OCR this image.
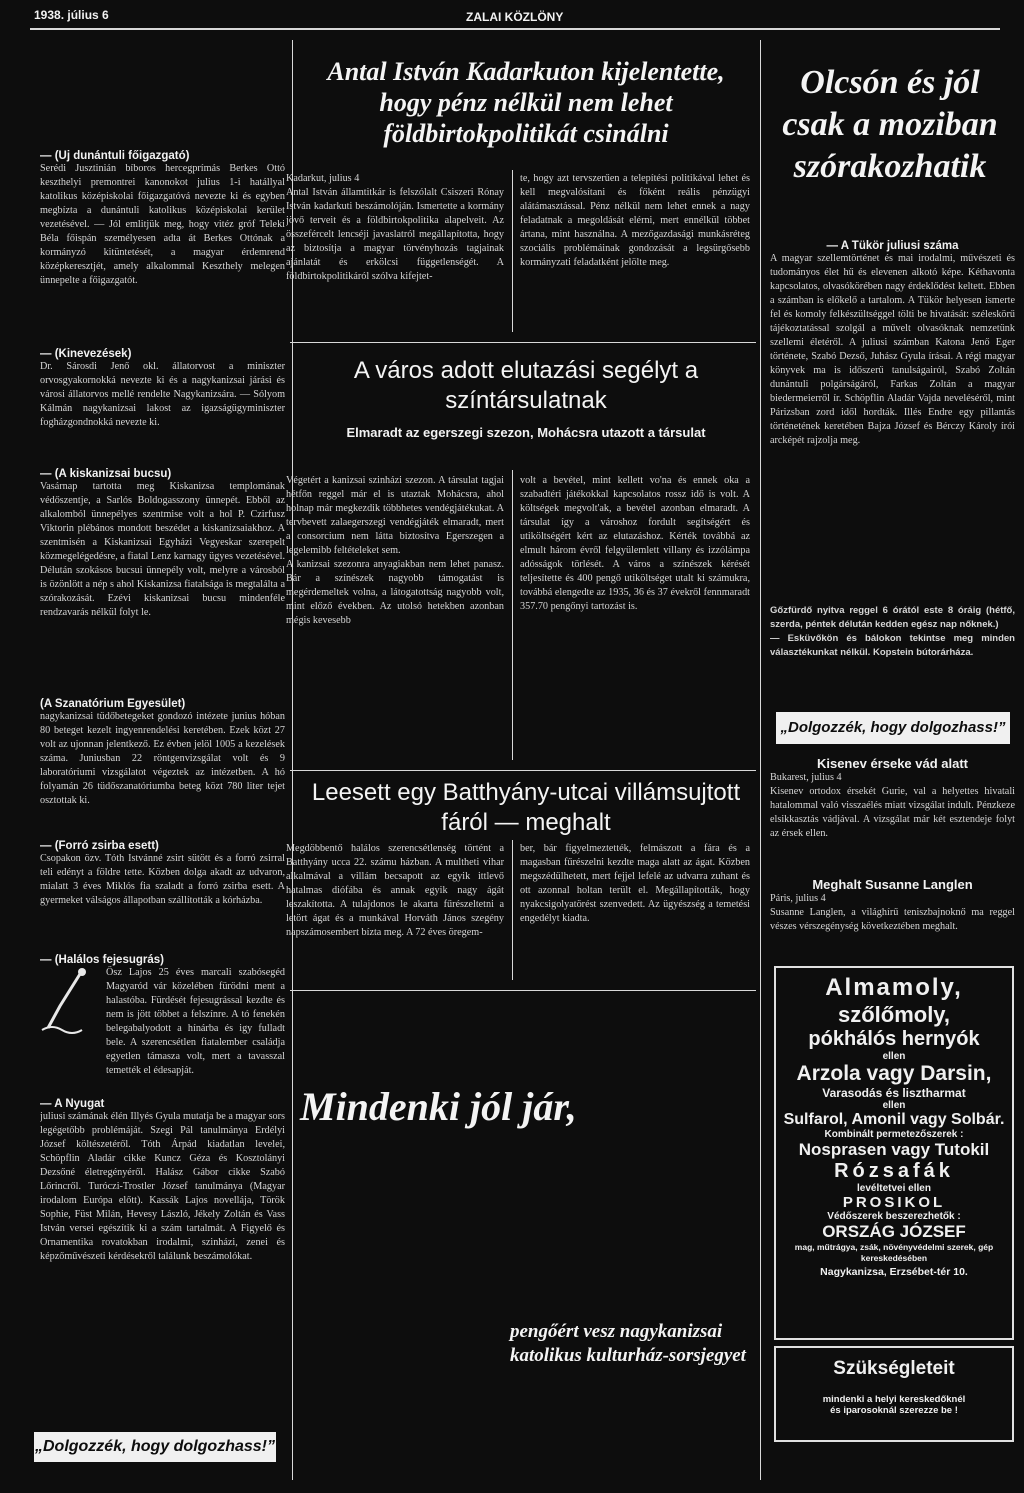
1938. július 6	ZALAI KÖZLÖNY
— (Uj dunántuli főigazgató)
Serédi Jusztinián bíboros hercegprímás Berkes Ottó keszthelyi premontrei kanonokot julius 1-i hatállyal katolikus középiskolai főigazgatóvá nevezte ki és egyben megbízta a dunántuli katolikus középiskolai kerület vezetésével. — Jól emlitjük meg, hogy vitéz gróf Teleki Béla főispán személyesen adta át Berkes Ottónak a kormányzó kitüntetését, a magyar érdemrend középkeresztjét, amely alkalommal Keszthely melegen ünnepelte a főigazgatót.
— (Kinevezések)
Dr. Sárosdi Jenő okl. állatorvost a miniszter orvosgyakornokká nevezte ki és a nagykanizsai járási és városi állatorvos mellé rendelte Nagykanizsára. — Sólyom Kálmán nagykanizsai lakost az igazságügyminiszter fogházgondnokká nevezte ki.
— (A kiskanizsai bucsu)
Vasárnap tartotta meg Kiskanizsa templomának védőszentje, a Sarlós Boldogasszony ünnepét. Ebből az alkalomból ünnepélyes szentmise volt a hol P. Czirfusz Viktorin plébános mondott beszédet a kiskanizsaiakhoz. A szentmisén a Kiskanizsai Egyházi Vegyeskar szerepelt közmegelégedésre, a fiatal Lenz karnagy ügyes vezetésével. Délután szokásos bucsui ünnepély volt, melyre a városból is özönlött a nép s ahol Kiskanizsa fiatalsága is megtalálta a szórakozását. Ezévi kiskanizsai bucsu mindenféle rendzavarás nélkül folyt le.
(A Szanatórium Egyesület)
nagykanizsai tüdőbetegeket gondozó intézete junius hóban 80 beteget kezelt ingyenrendelési keretében. Ezek közt 27 volt az ujonnan jelentkező. Ez évben jelöl 1005 a kezelések száma. Juniusban 22 röntgenvizsgálat volt és 9 laboratóriumi vizsgálatot végeztek az intézetben. A hó folyamán 26 tüdőszanatóriumba beteg közt 780 liter tejet osztottak ki.
— (Forró zsirba esett)
Csopakon özv. Tóth Istvánné zsirt sütött és a forró zsirral teli edényt a földre tette. Közben dolga akadt az udvaron, mialatt 3 éves Miklós fia szaladt a forró zsirba esett. A gyermeket válságos állapotban szállították a kórházba.
— (Halálos fejesugrás)
Ősz Lajos 25 éves marcali szabósegéd Magyaród vár közelében fürödni ment a halastóba. Fürdését fejesugrással kezdte és nem is jött többet a felszínre. A tó fenekén belegabalyodott a hínárba és igy fulladt bele. A szerencsétlen fiatalember családja egyetlen támasza volt, mert a tavasszal temették el édesapját.
— A Nyugat
juliusi számának élén Illyés Gyula mutatja be a magyar sors legégetőbb problémáját. Szegi Pál tanulmánya Erdélyi József költészetéről. Tóth Árpád kiadatlan levelei, Schöpflin Aladár cikke Kuncz Géza és Kosztolányi Dezsőné életregényéről. Halász Gábor cikke Szabó Lőrincről. Turóczi-Trostler József tanulmánya (Magyar irodalom Európa előtt). Kassák Lajos novellája, Török Sophie, Füst Milán, Hevesy László, Jékely Zoltán és Vass István versei egészítik ki a szám tartalmát. A Figyelő és Ornamentika rovatokban irodalmi, szinházi, zenei és képzőművészeti kérdésekről találunk beszámolókat.
„Dolgozzék, hogy dolgozhass!”
Antal István Kadarkuton kijelentette, hogy pénz nélkül nem lehet földbirtokpolitikát csinálni
Kadarkut, julius 4
Antal István államtitkár is felszólalt Csiszeri Rónay István kadarkuti beszámolóján. Ismertette a kormány jövő terveit és a földbirtokpolitika alapelveit. Az összefércelt lencséji javaslatról megállapította, hogy az biztosítja a magyar törvényhozás tagjainak ajánlatát és erkölcsi függetlenségét. A földbirtokpolitikáról szólva kifejtet-
te, hogy azt tervszerűen a telepítési politikával lehet és kell megvalósítani és főként reális pénzügyi alátámasztással. Pénz nélkül nem lehet ennek a nagy feladatnak a megoldását elérni, mert ennélkül többet ártana, mint használna. A mezőgazdasági munkásréteg szociális problémáinak gondozását a legsürgősebb kormányzati feladatként jelölte meg.
A város adott elutazási segélyt a színtársulatnak
Elmaradt az egerszegi szezon, Mohácsra utazott a társulat
Végetért a kanizsai szinházi szezon. A társulat tagjai hétfőn reggel már el is utaztak Mohácsra, ahol holnap már megkezdik többhetes vendégjátékukat. A tervbevett zalaegerszegi vendégjáték elmaradt, mert a consorcium nem látta biztosítva Egerszegen a legelemibb feltételeket sem.
A kanizsai szezonra anyagiakban nem lehet panasz. Bár a színészek nagyobb támogatást is megérdemeltek volna, a látogatottság nagyobb volt, mint előző években. Az utolsó hetekben azonban mégis kevesebb
volt a bevétel, mint kellett vo'na és ennek oka a szabadtéri játékokkal kapcsolatos rossz idő is volt. A költségek megvolt'ak, a bevétel azonban elmaradt. A társulat így a városhoz fordult segítségért és utiköltségért kért az elutazáshoz. Kérték továbbá az elmult három évről felgyülemlett villany és izzólámpa adósságok törlését. A város a színészek kérését teljesítette és 400 pengő utiköltséget utalt ki számukra, továbbá elengedte az 1935, 36 és 37 évekről fennmaradt 357.70 pengőnyi tartozást is.
Leesett egy Batthyány-utcai villámsujtott fáról — meghalt
Megdöbbentő halálos szerencsétlenség történt a Batthyány ucca 22. számu házban. A multheti vihar alkalmával a villám becsapott az egyik ittlevő hatalmas diófába és annak egyik nagy ágát leszakította. A tulajdonos le akarta fűrészeltetni a letört ágat és a munkával Horváth János szegény napszámosembert bízta meg. A 72 éves öregem-
ber, bár figyelmeztették, felmászott a fára és a magasban fűrészelni kezdte maga alatt az ágat. Közben megszédülhetett, mert fejjel lefelé az udvarra zuhant és ott azonnal holtan terült el. Megállapították, hogy nyakcsigolyatörést szenvedett. Az ügyészség a temetési engedélyt kiadta.
Mindenki jól jár,
pengőért vesz nagykanizsai katolikus kulturház-sorsjegyet
Olcsón és jól csak a moziban szórakozhatik
— A Tükör juliusi száma
A magyar szellemtörténet és mai irodalmi, művészeti és tudományos élet hű és elevenen alkotó képe. Kéthavonta kapcsolatos, olvasókörében nagy érdeklődést keltett. Ebben a számban is előkelő a tartalom. A Tükör helyesen ismerte fel és komoly felkészültséggel tölti be hivatását: széleskörű tájékoztatással szolgál a művelt olvasóknak nemzetünk szellemi életéről. A juliusi számban Katona Jenő Eger története, Szabó Dezső, Juhász Gyula írásai. A régi magyar könyvek ma is időszerű tanulságairól, Szabó Zoltán dunántuli polgárságáról, Farkas Zoltán a magyar biedermeierről ír. Schöpflin Aladár Vajda neveléséről, mint Párizsban zord idől hordták. Illés Endre egy pillantás történetének keretében Bajza József és Bérczy Károly írói arcképét rajzolja meg.
Gőzfürdő nyitva reggel 6 órától este 8 óráig (hétfő, szerda, péntek délután kedden egész nap nőknek.)
— Esküvőkön és bálokon tekintse meg minden választékunkat nélkül. Kopstein bútorárháza.
„Dolgozzék, hogy dolgozhass!”
Kisenev érseke vád alatt
Bukarest, julius 4
Kisenev ortodox érsekét Gurie, val a helyettes hivatali hatalommal való visszaélés miatt vizsgálat indult. Pénzkeze elsikkasztás vádjával. A vizsgálat már két esztendeje folyt az érsek ellen.
Meghalt Susanne Langlen
Páris, julius 4
Susanne Langlen, a világhírű teniszbajnoknő ma reggel vészes vérszegénység következtében meghalt.
Almamoly,
szőlőmoly,
pókhálós hernyók
ellen
Arzola vagy Darsin,
Varasodás és lisztharmat
ellen
Sulfarol, Amonil vagy Solbár.
Kombinált permetezőszerek :
Nosprasen vagy Tutokil
Rózsafák
levéltetvei ellen
PROSIKOL
Védőszerek beszerezhetők :
ORSZÁG JÓZSEF
mag, műtrágya, zsák, növényvédelmi szerek, gép kereskedésében
Nagykanizsa, Erzsébet-tér 10.
Szükségleteit
mindenki a helyi kereskedőknél
és iparosoknál szerezze be !
